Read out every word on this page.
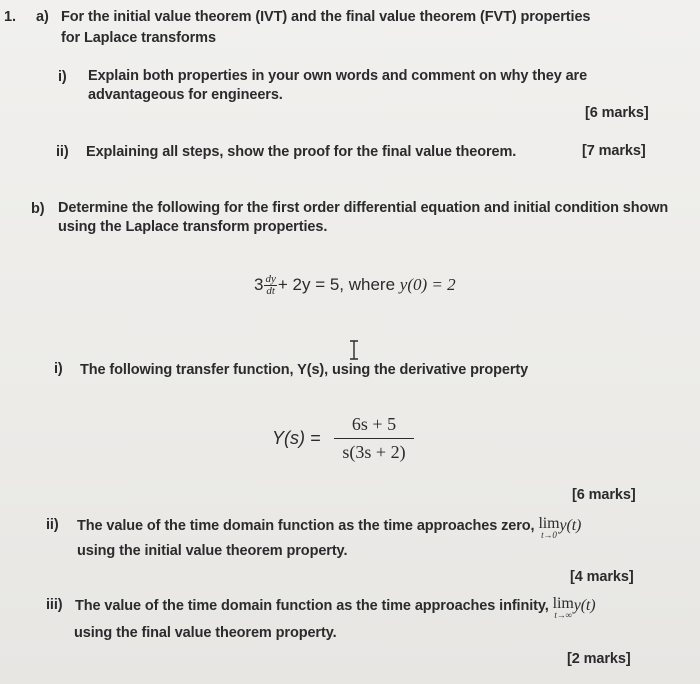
1. a) For the initial value theorem (IVT) and the final value theorem (FVT) properties
for Laplace transforms
i) Explain both properties in your own words and comment on why they are
advantageous for engineers.
[6 marks]
ii) Explaining all steps, show the proof for the final value theorem.	[7 marks]
b) Determine the following for the first order differential equation and initial condition shown
using the Laplace transform properties.
$3 \frac{dy}{dt} + 2y = 5$, where y(0) = 2
i) The following transfer function, Y(s), using the derivative property
Y(s) =
6s + 5
s(3s + 2)
[6 marks]
ii) The value of the time domain function as the time approaches zero, lim
t→0
y(t)
using the initial value theorem property.
[4 marks]
iii) The value of the time domain function as the time approaches infinity, lim
t→∞
y(t)
using the final value theorem property.
[2 marks]
